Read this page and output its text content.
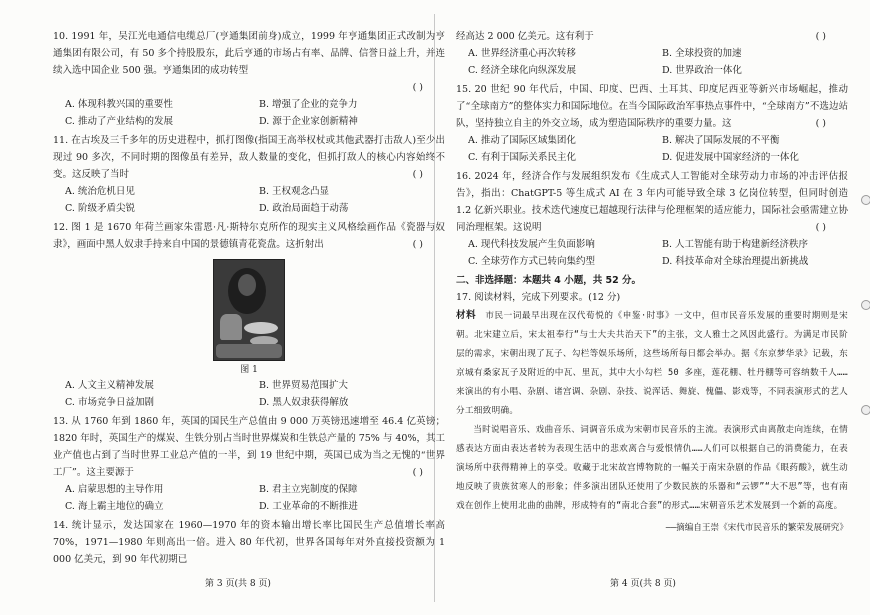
10. 1991 年，吴江光电通信电缆总厂(亨通集团前身)成立，1999 年亨通集团正式改制为亨通集团有限公司，有 50 多个持股股东，此后亨通的市场占有率、品牌、信誉日益上升，并连续入选中国企业 500 强。亨通集团的成功转型
( )
A. 体现科教兴国的重要性	B. 增强了企业的竞争力
C. 推动了产业结构的发展	D. 源于企业家创新精神
11. 在古埃及三千多年的历史进程中，抓打图像(指国王高举权杖或其他武器打击敌人)至少出现过 90 多次，不同时期的图像虽有差异，敌人数量的变化，但抓打敌人的核心内容始终不变。这反映了当时	( )
A. 统治危机日见	B. 王权观念凸显
C. 阶级矛盾尖锐	D. 政治局面趋于动荡
12. 图 1 是 1670 年荷兰画家朱雷恩·凡·斯特尔克所作的现实主义风格绘画作品《瓷器与奴隶》，画面中黑人奴隶手持来自中国的景德镇青花瓷盘。这折射出	( )
图 1
A. 人文主义精神发展	B. 世界贸易范围扩大
C. 市场竞争日益加剧	D. 黑人奴隶获得解放
13. 从 1760 年到 1860 年，英国的国民生产总值由 9 000 万英镑迅速增至 46.4 亿英镑；1820 年时，英国生产的煤炭、生铁分别占当时世界煤炭和生铁总产量的 75% 与 40%，其工业产值也占到了当时世界工业总产值的一半，到 19 世纪中期，英国已成为当之无愧的“世界工厂”。这主要源于	( )
A. 启蒙思想的主导作用	B. 君主立宪制度的保障
C. 海上霸主地位的确立	D. 工业革命的不断推进
14. 统计显示，发达国家在 1960—1970 年的资本输出增长率比国民生产总值增长率高 70%，1971—1980 年则高出一倍。进入 80 年代初，世界各国每年对外直接投资额为 1 000 亿美元，到 90 年代初期已
第 3 页(共 8 页)
经高达 2 000 亿美元。这有利于	( )
A. 世界经济重心再次转移	B. 全球投资的加速
C. 经济全球化向纵深发展	D. 世界政治一体化
15. 20 世纪 90 年代后，中国、印度、巴西、土耳其、印度尼西亚等新兴市场崛起，推动了“全球南方”的整体实力和国际地位。在当今国际政治军事热点事件中，“全球南方”不选边站队，坚持独立自主的外交立场，成为塑造国际秩序的重要力量。这	( )
A. 推动了国际区域集团化	B. 解决了国际发展的不平衡
C. 有利于国际关系民主化	D. 促进发展中国家经济的一体化
16. 2024 年，经济合作与发展组织发布《生成式人工智能对全球劳动力市场的冲击评估报告》，指出：ChatGPT-5 等生成式 AI 在 3 年内可能导致全球 3 亿岗位转型，但同时创造 1.2 亿新兴职业。技术迭代速度已超越现行法律与伦理框架的适应能力，国际社会亟需建立协同治理框架。这说明	( )
A. 现代科技发展产生负面影响	B. 人工智能有助于构建新经济秩序
C. 全球劳作方式已转向集约型	D. 科技革命对全球治理提出新挑战
二、非选择题：本题共 4 小题，共 52 分。
17. 阅读材料，完成下列要求。(12 分)
材料　 市民一词最早出现在汉代荀悦的《申鉴·时事》一文中，但市民音乐发展的重要时期则是宋朝。北宋建立后，宋太祖奉行“与士大夫共治天下”的主张，文人雅士之风因此盛行。为满足市民阶层的需求，宋朝出现了瓦子、勾栏等娱乐场所，这些场所每日都会举办。据《东京梦华录》记载，东京城有桑家瓦子及附近的中瓦、里瓦，其中大小勾栏 50 多座，莲花棚、牡丹棚等可容纳数千人……来演出的有小唱、杂剧、诸宫调、杂剧、杂技、说浑话、舞旋、傀儡、影戏等，不同表演形式的艺人分工细致明确。
当时说唱音乐、戏曲音乐、词调音乐成为宋朝市民音乐的主流。表演形式由离散走向连续，在情感表达方面由表达者转为表现生活中的悲欢离合与爱恨情仇……人们可以根据自己的消费能力，在表演场所中获得精神上的享受。收藏于北宋故宫博物院的一幅关于南宋杂剧的作品《眼药酸》，就生动地反映了贵族贫寒人的形象；伴多演出团队还使用了少数民族的乐器和“云锣”“大不思”等，也有南戏在创作上使用北曲的曲牌，形成特有的“南北合套”的形式……宋朝音乐艺术发展到一个新的高度。
——摘编自王崇《宋代市民音乐的繁荣发展研究》
第 4 页(共 8 页)
